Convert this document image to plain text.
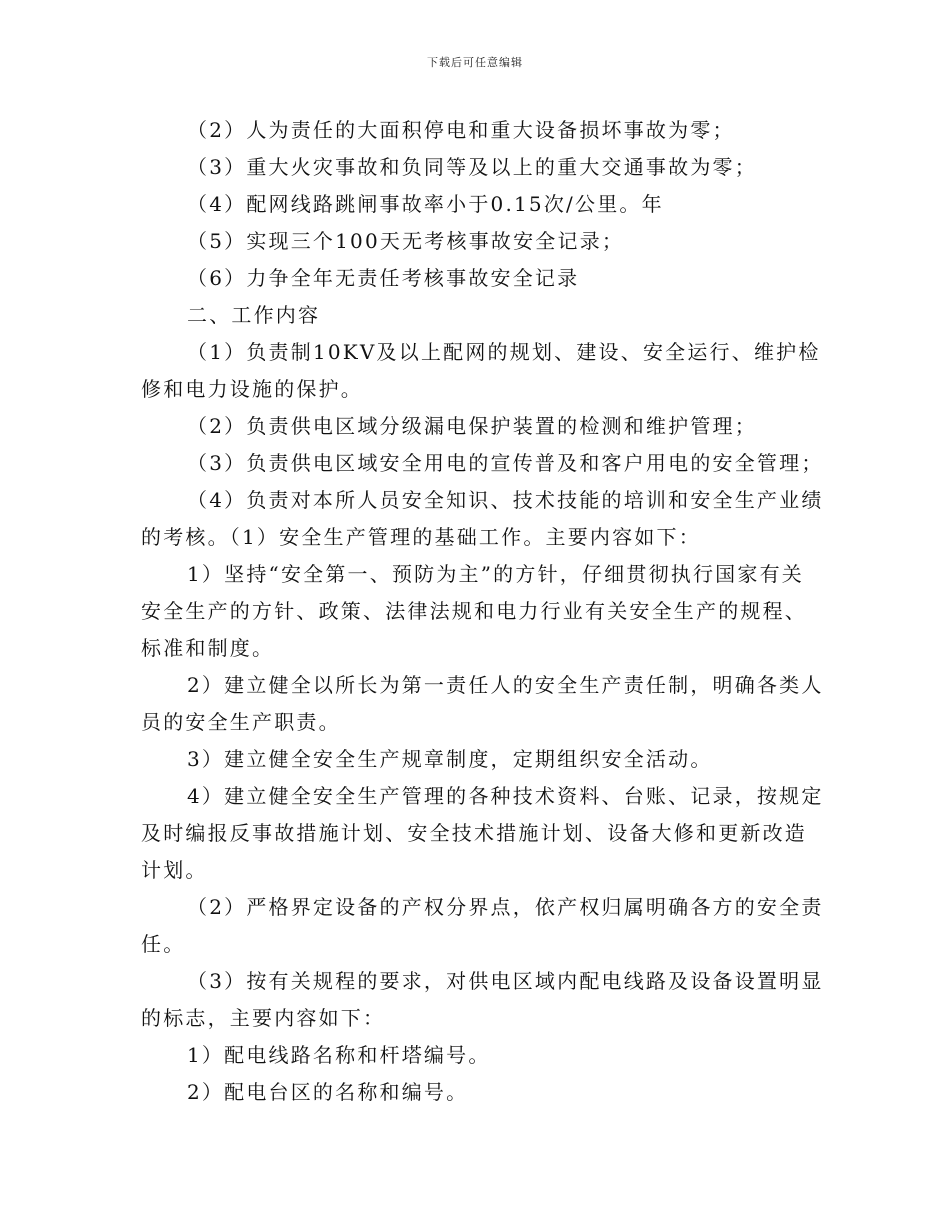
下载后可任意编辑
（2）人为责任的大面积停电和重大设备损坏事故为零；
（3）重大火灾事故和负同等及以上的重大交通事故为零；
（4）配网线路跳闸事故率小于0.15次/公里。年
（5）实现三个100天无考核事故安全记录；
（6）力争全年无责任考核事故安全记录
二、工作内容
（1）负责制10KV及以上配网的规划、建设、安全运行、维护检
修和电力设施的保护。
（2）负责供电区域分级漏电保护装置的检测和维护管理；
（3）负责供电区域安全用电的宣传普及和客户用电的安全管理；
（4）负责对本所人员安全知识、技术技能的培训和安全生产业绩
的考核。（1）安全生产管理的基础工作。主要内容如下：
1）坚持“安全第一、预防为主”的方针，仔细贯彻执行国家有关
安全生产的方针、政策、法律法规和电力行业有关安全生产的规程、
标准和制度。
2）建立健全以所长为第一责任人的安全生产责任制，明确各类人
员的安全生产职责。
3）建立健全安全生产规章制度，定期组织安全活动。
4）建立健全安全生产管理的各种技术资料、台账、记录，按规定
及时编报反事故措施计划、安全技术措施计划、设备大修和更新改造
计划。
（2）严格界定设备的产权分界点，依产权归属明确各方的安全责
任。
（3）按有关规程的要求，对供电区域内配电线路及设备设置明显
的标志，主要内容如下：
1）配电线路名称和杆塔编号。
2）配电台区的名称和编号。
